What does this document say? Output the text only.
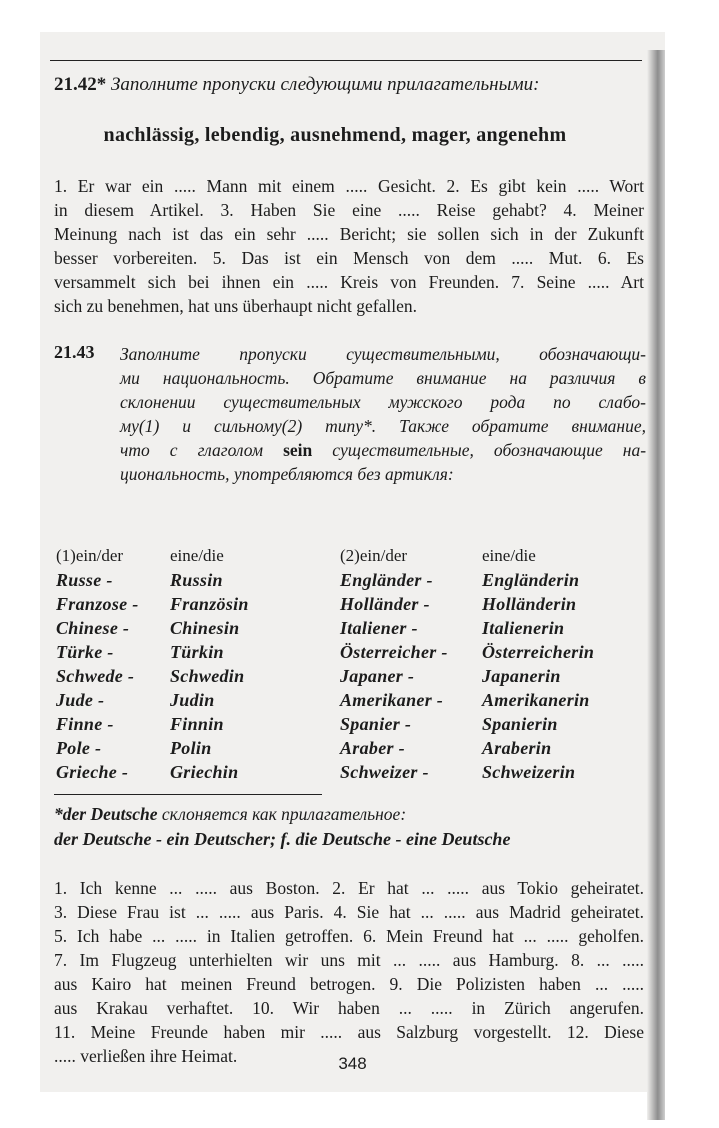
21.42* Заполните пропуски следующими прилагательными:
nachlässig, lebendig, ausnehmend, mager, angenehm

1. Er war ein ..... Mann mit einem ..... Gesicht. 2. Es gibt kein ..... Wort

in diesem Artikel. 3. Haben Sie eine ..... Reise gehabt? 4. Meiner

Meinung nach ist das ein sehr ..... Bericht; sie sollen sich in der Zukunft

besser vorbereiten. 5. Das ist ein Mensch von dem ..... Mut. 6. Es

versammelt sich bei ihnen ein ..... Kreis von Freunden. 7. Seine ..... Art

sich zu benehmen, hat uns überhaupt nicht gefallen.

21.43 Заполните пропуски существительными, обозначающи-

ми национальность. Обратите внимание на различия в

склонении существительных мужского рода по слабо-

му(1) и сильному(2) типу*. Также обратите внимание,

что с глаголом sein существительные, обозначающие на-

циональность, употребляются без артикля:

(1)ein/der
Russe -
Franzose -
Chinese -
Türke -
Schwede -
Jude -
Finne -
Pole -
Grieche -
eine/die
Russin
Französin
Chinesin
Türkin
Schwedin
Judin
Finnin
Polin
Griechin
(2)ein/der
Engländer -
Holländer -
Italiener -
Österreicher -
Japaner -
Amerikaner -
Spanier -
Araber -
Schweizer -
eine/die
Engländerin
Holländerin
Italienerin
Österreicherin
Japanerin
Amerikanerin
Spanierin
Araberin
Schweizerin
*der Deutsche склоняется как прилагательное:
der Deutsche - ein Deutscher; f. die Deutsche - eine Deutsche

1. Ich kenne ... ..... aus Boston. 2. Er hat ... ..... aus Tokio geheiratet.

3. Diese Frau ist ... ..... aus Paris. 4. Sie hat ... ..... aus Madrid geheiratet.

5. Ich habe ... ..... in Italien getroffen. 6. Mein Freund hat ... ..... geholfen.

7. Im Flugzeug unterhielten wir uns mit ... ..... aus Hamburg. 8. ... .....

aus Kairo hat meinen Freund betrogen. 9. Die Polizisten haben ... .....

aus Krakau verhaftet. 10. Wir haben ... ..... in Zürich angerufen.

11. Meine Freunde haben mir ..... aus Salzburg vorgestellt. 12. Diese

..... verließen ihre Heimat.	348
